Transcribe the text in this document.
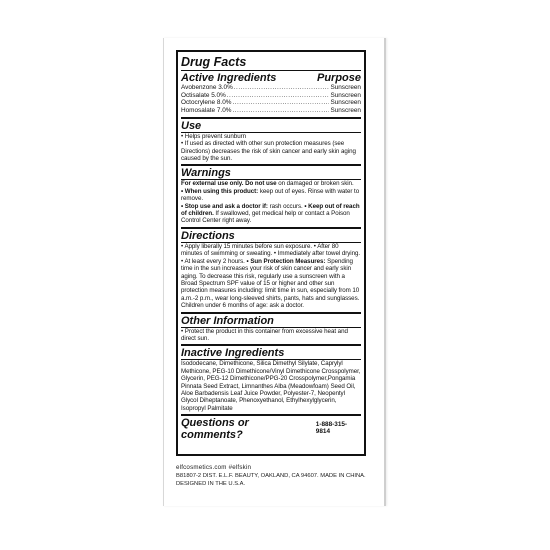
Drug Facts
Active Ingredients	Purpose
Avobenzone 3.0% .....	Sunscreen
Octisalate 5.0% .....	Sunscreen
Octocrylene 8.0% .....	Sunscreen
Homosalate 7.0% .....	Sunscreen
Use
• Helps prevent sunburn
• If used as directed with other sun protection measures (see Directions) decreases the risk of skin cancer and early skin aging caused by the sun.
Warnings
For external use only. Do not use on damaged or broken skin.
• When using this product: keep out of eyes. Rinse with water to remove.
• Stop use and ask a doctor if: rash occurs. • Keep out of reach of children. If swallowed, get medical help or contact a Poison Control Center right away.
Directions
• Apply liberally 15 minutes before sun exposure. • After 80 minutes of swimming or sweating. • Immediately after towel drying. • At least every 2 hours. • Sun Protection Measures: Spending time in the sun increases your risk of skin cancer and early skin aging. To decrease this risk, regularly use a sunscreen with a Broad Spectrum SPF value of 15 or higher and other sun protection measures including: limit time in sun, especially from 10 a.m.-2 p.m., wear long-sleeved shirts, pants, hats and sunglasses. Children under 6 months of age: ask a doctor.
Other Information
• Protect the product in this container from excessive heat and direct sun.
Inactive Ingredients
Isododecane, Dimethicone, Silica Dimethyl Silylate, Caprylyl Methicone, PEG-10 Dimethicone/Vinyl Dimethicone Crosspolymer, Glycerin, PEG-12 Dimethicone/PPG-20 Crosspolymer,Pongamia Pinnata Seed Extract, Limnanthes Alba (Meadowfoam) Seed Oil, Aloe Barbadensis Leaf Juice Powder, Polyester-7, Neopentyl Glycol Diheptanoate, Phenoxyethanol, Ethylhexylglycerin, Isopropyl Palmitate
Questions or comments?
1-888-315-9814
elfcosmetics.com #elfskin
B81807-2 DIST. E.L.F. BEAUTY, OAKLAND, CA 94607. MADE IN CHINA. DESIGNED IN THE U.S.A.
